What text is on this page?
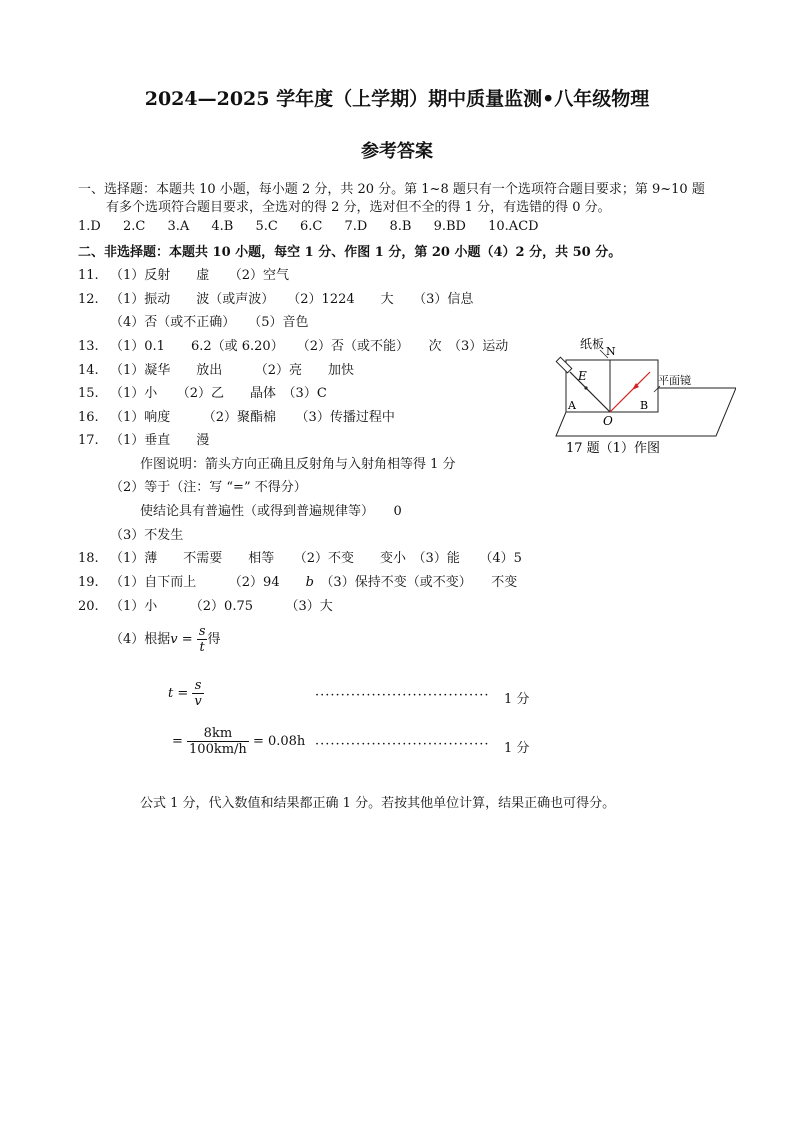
2024—2025 学年度（上学期）期中质量监测•八年级物理
参考答案
一、选择题：本题共 10 小题，每小题 2 分，共 20 分。第 1~8 题只有一个选项符合题目要求；第 9~10 题
有多个选项符合题目要求，全选对的得 2 分，选对但不全的得 1 分，有选错的得 0 分。
1.D 2.C 3.A 4.B 5.C 6.C 7.D 8.B 9.BD 10.ACD
二、非选择题：本题共 10 小题，每空 1 分、作图 1 分，第 20 小题（4）2 分，共 50 分。
11. （1）反射　　虚　　（2）空气
12. （1）振动　　波（或声波）　　（2）1224　　大　　（3）信息
（4）否（或不正确）　　（5）音色
13. （1）0.1　　6.2（或 6.20）　　（2）否（或不能）　　次　（3）运动
14. （1）凝华　　放出　　　（2）亮　　加快
15. （1）小　　（2）乙　　晶体　（3）C
16. （1）响度　　　（2）聚酯棉　　（3）传播过程中
17. （1）垂直　　漫
作图说明：箭头方向正确且反射角与入射角相等得 1 分
（2）等于（注：写 “=” 不得分）
使结论具有普遍性（或得到普遍规律等）　　0
（3）不发生
18. （1）薄　　不需要　　相等　　（2）不变　　变小　（3）能　　（4）5
19. （1）自下而上　　　（2）94　　b　（3）保持不变（或不变）　　不变
20. （1）小　　　（2）0.75　　　（3）大
（4）根据$v = \frac{s}{t}$ 得
$t = \frac{s}{v}$	·································· 1 分
= $\frac{8km}{100km/h} = 0.08h$ ·································· 1 分
公式 1 分，代入数值和结果都正确 1 分。若按其他单位计算，结果正确也可得分。
纸板
N
E	平面镜
A	B
O
17 题（1）作图
